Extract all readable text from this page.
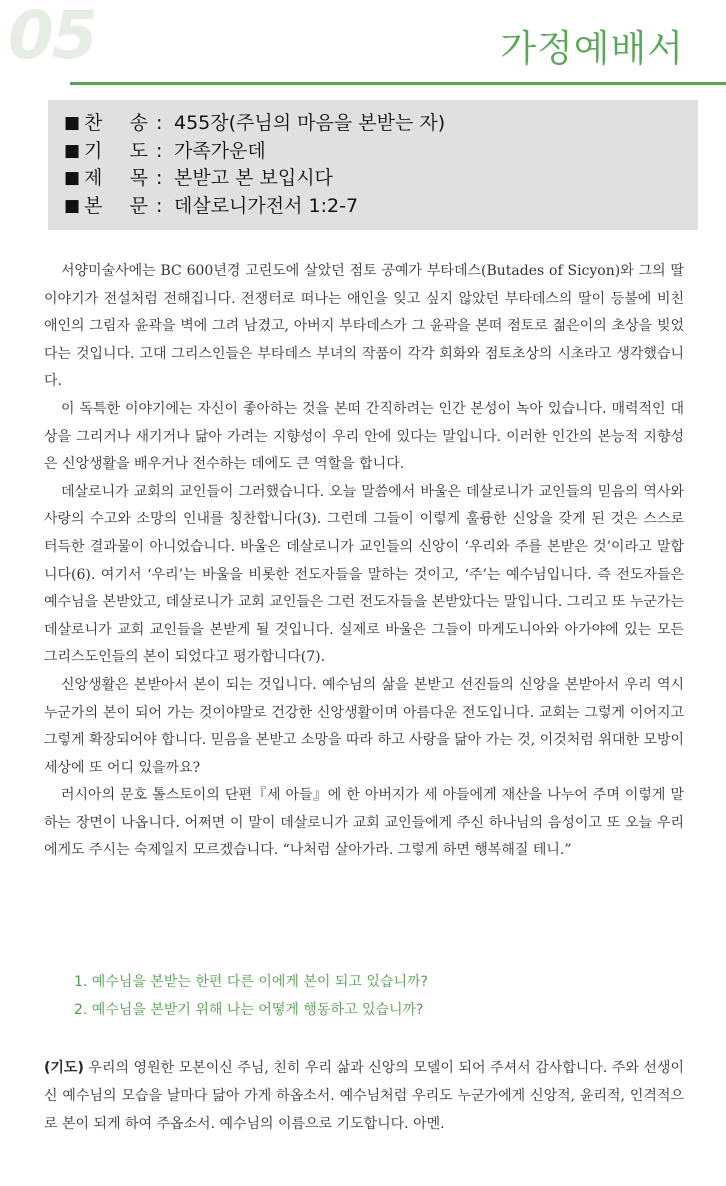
05	가정예배서
■ 찬 송 : 455장(주님의 마음을 본받는 자)
■ 기 도 : 가족가운데
■ 제 목 : 본받고 본 보입시다
■ 본 문 : 데살로니가전서 1:2-7

서양미술사에는 BC 600년경 고린도에 살았던 점토 공예가 부타데스(Butades of Sicyon)와 그의 딸 이야기가 전설처럼 전해집니다. 전쟁터로 떠나는 애인을 잊고 싶지 않았던 부타데스의 딸이 등불에 비친 애인의 그림자 윤곽을 벽에 그려 남겼고, 아버지 부타데스가 그 윤곽을 본떠 점토로 젊은이의 초상을 빚었다는 것입니다. 고대 그리스인들은 부타데스 부녀의 작품이 각각 회화와 점토초상의 시초라고 생각했습니다.

이 독특한 이야기에는 자신이 좋아하는 것을 본떠 간직하려는 인간 본성이 녹아 있습니다. 매력적인 대상을 그리거나 새기거나 닮아 가려는 지향성이 우리 안에 있다는 말입니다. 이러한 인간의 본능적 지향성은 신앙생활을 배우거나 전수하는 데에도 큰 역할을 합니다.

데살로니가 교회의 교인들이 그러했습니다. 오늘 말씀에서 바울은 데살로니가 교인들의 믿음의 역사와 사랑의 수고와 소망의 인내를 칭찬합니다(3). 그런데 그들이 이렇게 훌륭한 신앙을 갖게 된 것은 스스로 터득한 결과물이 아니었습니다. 바울은 데살로니가 교인들의 신앙이 ‘우리와 주를 본받은 것’이라고 말합니다(6). 여기서 ‘우리’는 바울을 비롯한 전도자들을 말하는 것이고, ‘주’는 예수님입니다. 즉 전도자들은 예수님을 본받았고, 데살로니가 교회 교인들은 그런 전도자들을 본받았다는 말입니다. 그리고 또 누군가는 데살로니가 교회 교인들을 본받게 될 것입니다. 실제로 바울은 그들이 마게도니아와 아가야에 있는 모든 그리스도인들의 본이 되었다고 평가합니다(7).

신앙생활은 본받아서 본이 되는 것입니다. 예수님의 삶을 본받고 선진들의 신앙을 본받아서 우리 역시 누군가의 본이 되어 가는 것이야말로 건강한 신앙생활이며 아름다운 전도입니다. 교회는 그렇게 이어지고 그렇게 확장되어야 합니다. 믿음을 본받고 소망을 따라 하고 사랑을 닮아 가는 것, 이것처럼 위대한 모방이 세상에 또 어디 있을까요?

러시아의 문호 톨스토이의 단편『세 아들』에 한 아버지가 세 아들에게 재산을 나누어 주며 이렇게 말하는 장면이 나옵니다. 어쩌면 이 말이 데살로니가 교회 교인들에게 주신 하나님의 음성이고 또 오늘 우리에게도 주시는 숙제일지 모르겠습니다. “나처럼 살아가라. 그렇게 하면 행복해질 테니.”

1. 예수님을 본받는 한편 다른 이에게 본이 되고 있습니까?
2. 예수님을 본받기 위해 나는 어떻게 행동하고 있습니까?

(기도) 우리의 영원한 모본이신 주님, 친히 우리 삶과 신앙의 모델이 되어 주셔서 감사합니다. 주와 선생이신 예수님의 모습을 날마다 닮아 가게 하옵소서. 예수님처럼 우리도 누군가에게 신앙적, 윤리적, 인격적으로 본이 되게 하여 주옵소서. 예수님의 이름으로 기도합니다. 아멘.
